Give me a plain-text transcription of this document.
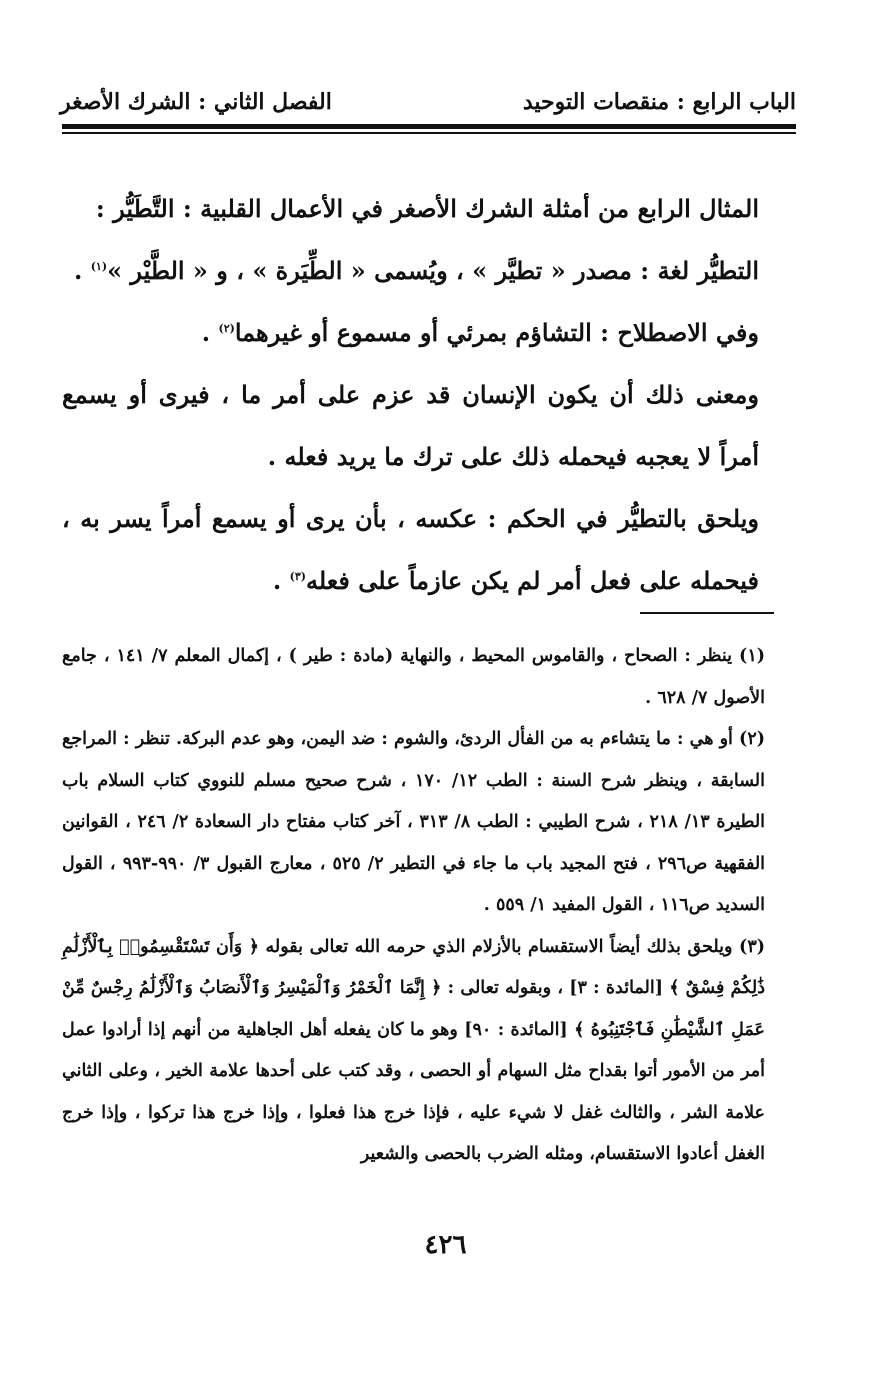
الباب الرابع : منقصات التوحيد
الفصل الثاني : الشرك الأصغر

المثال الرابع من أمثلة الشرك الأصغر في الأعمال القلبية : التَّطَيُّر :

التطيُّر لغة : مصدر « تطيَّر » ، ويُسمى « الطِّيَرة » ، و « الطَّيْر »$^{(١)}$ .

وفي الاصطلاح : التشاؤم بمرئي أو مسموع أو غيرهما$^{(٢)}$ .

ومعنى ذلك أن يكون الإنسان قد عزم على أمر ما ، فيرى أو يسمع أمراً لا يعجبه فيحمله ذلك على ترك ما يريد فعله .

ويلحق بالتطيُّر في الحكم : عكسه ، بأن يرى أو يسمع أمراً يسر به ، فيحمله على فعل أمر لم يكن عازماً على فعله$^{(٣)}$ .

(١) ينظر : الصحاح ، والقاموس المحيط ، والنهاية (مادة : طير ) ، إكمال المعلم ٧/ ١٤١ ، جامع الأصول ٧/ ٦٢٨ .

(٢) أو هي : ما يتشاءم به من الفأل الردئ، والشوم : ضد اليمن، وهو عدم البركة. تنظر : المراجع السابقة ، وينظر شرح السنة : الطب ١٢/ ١٧٠ ، شرح صحيح مسلم للنووي كتاب السلام باب الطيرة ١٣/ ٢١٨ ، شرح الطيبي : الطب ٨/ ٣١٣ ، آخر كتاب مفتاح دار السعادة ٢/ ٢٤٦ ، القوانين الفقهية ص٢٩٦ ، فتح المجيد باب ما جاء في التطير ٢/ ٥٢٥ ، معارج القبول ٣/ ٩٩٠-٩٩٣ ، القول السديد ص١١٦ ، القول المفيد ١/ ٥٥٩ .

(٣) ويلحق بذلك أيضاً الاستقسام بالأزلام الذي حرمه الله تعالى بقوله ﴿ وَأَن تَسْتَقْسِمُوا۟ بِٱلْأَزْلَٰمِ ذَٰلِكُمْ فِسْقٌ ﴾ [المائدة : ٣] ، وبقوله تعالى : ﴿ إِنَّمَا ٱلْخَمْرُ وَٱلْمَيْسِرُ وَٱلْأَنصَابُ وَٱلْأَزْلَٰمُ رِجْسٌ مِّنْ عَمَلِ ٱلشَّيْطَٰنِ فَٱجْتَنِبُوهُ ﴾ [المائدة : ٩٠] وهو ما كان يفعله أهل الجاهلية من أنهم إذا أرادوا عمل أمر من الأمور أتوا بقداح مثل السهام أو الحصى ، وقد كتب على أحدها علامة الخير ، وعلى الثاني علامة الشر ، والثالث غفل لا شيء عليه ، فإذا خرج هذا فعلوا ، وإذا خرج هذا تركوا ، وإذا خرج الغفل أعادوا الاستقسام، ومثله الضرب بالحصى والشعير

٤٢٦
